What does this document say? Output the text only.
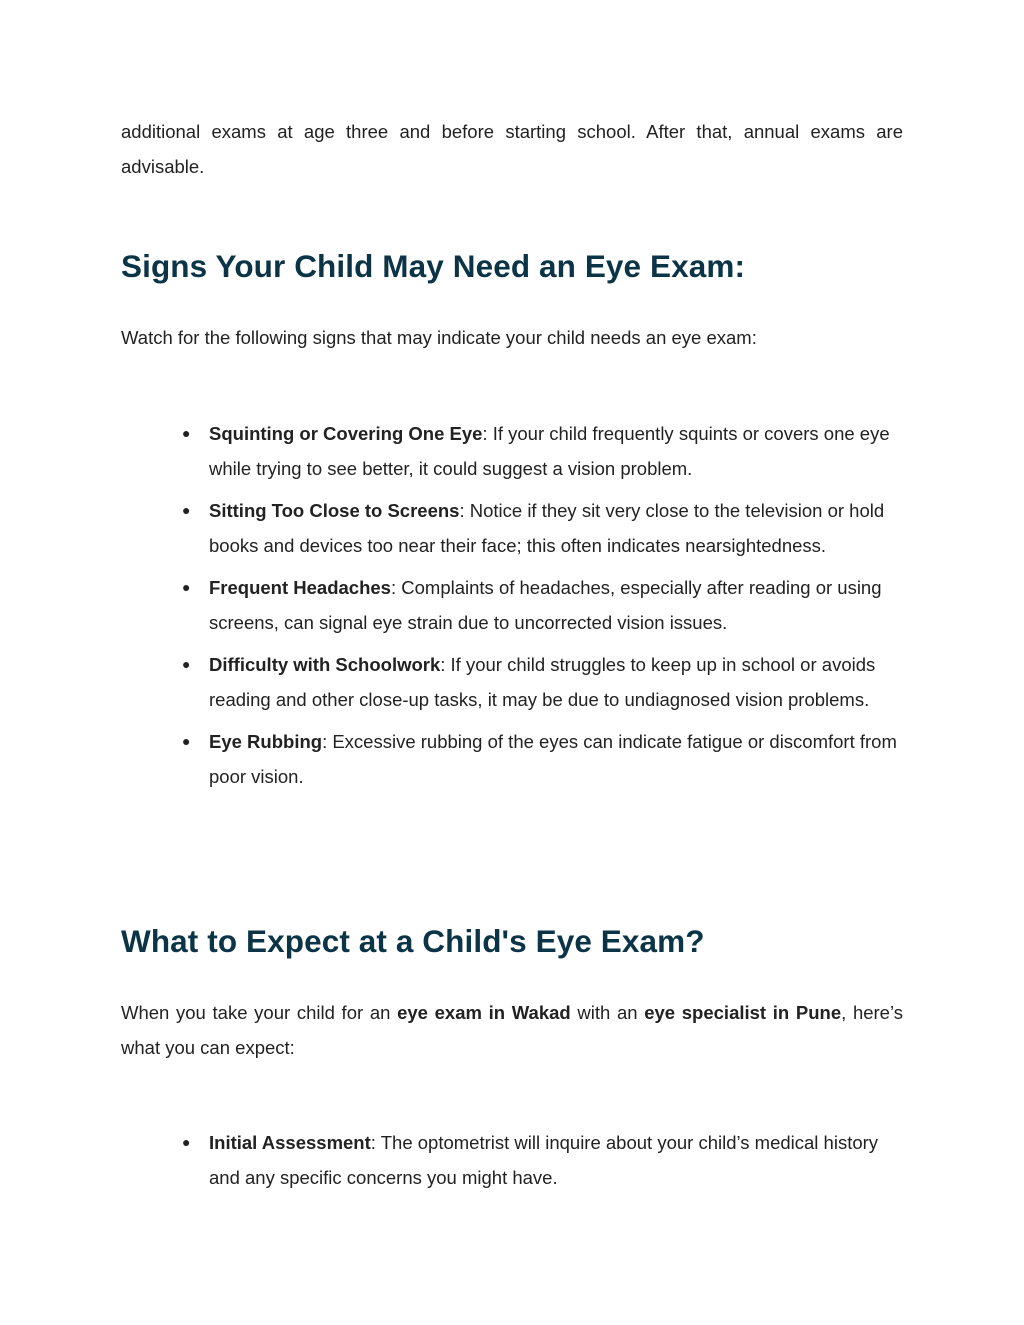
additional exams at age three and before starting school. After that, annual exams are advisable.

Signs Your Child May Need an Eye Exam:

Watch for the following signs that may indicate your child needs an eye exam:

● Squinting or Covering One Eye: If your child frequently squints or covers one eye while trying to see better, it could suggest a vision problem.
● Sitting Too Close to Screens: Notice if they sit very close to the television or hold books and devices too near their face; this often indicates nearsightedness.
● Frequent Headaches: Complaints of headaches, especially after reading or using screens, can signal eye strain due to uncorrected vision issues.
● Difficulty with Schoolwork: If your child struggles to keep up in school or avoids reading and other close-up tasks, it may be due to undiagnosed vision problems.
● Eye Rubbing: Excessive rubbing of the eyes can indicate fatigue or discomfort from poor vision.
What to Expect at a Child's Eye Exam?

When you take your child for an eye exam in Wakad with an eye specialist in Pune, here’s what you can expect:

● Initial Assessment: The optometrist will inquire about your child’s medical history and any specific concerns you might have.
